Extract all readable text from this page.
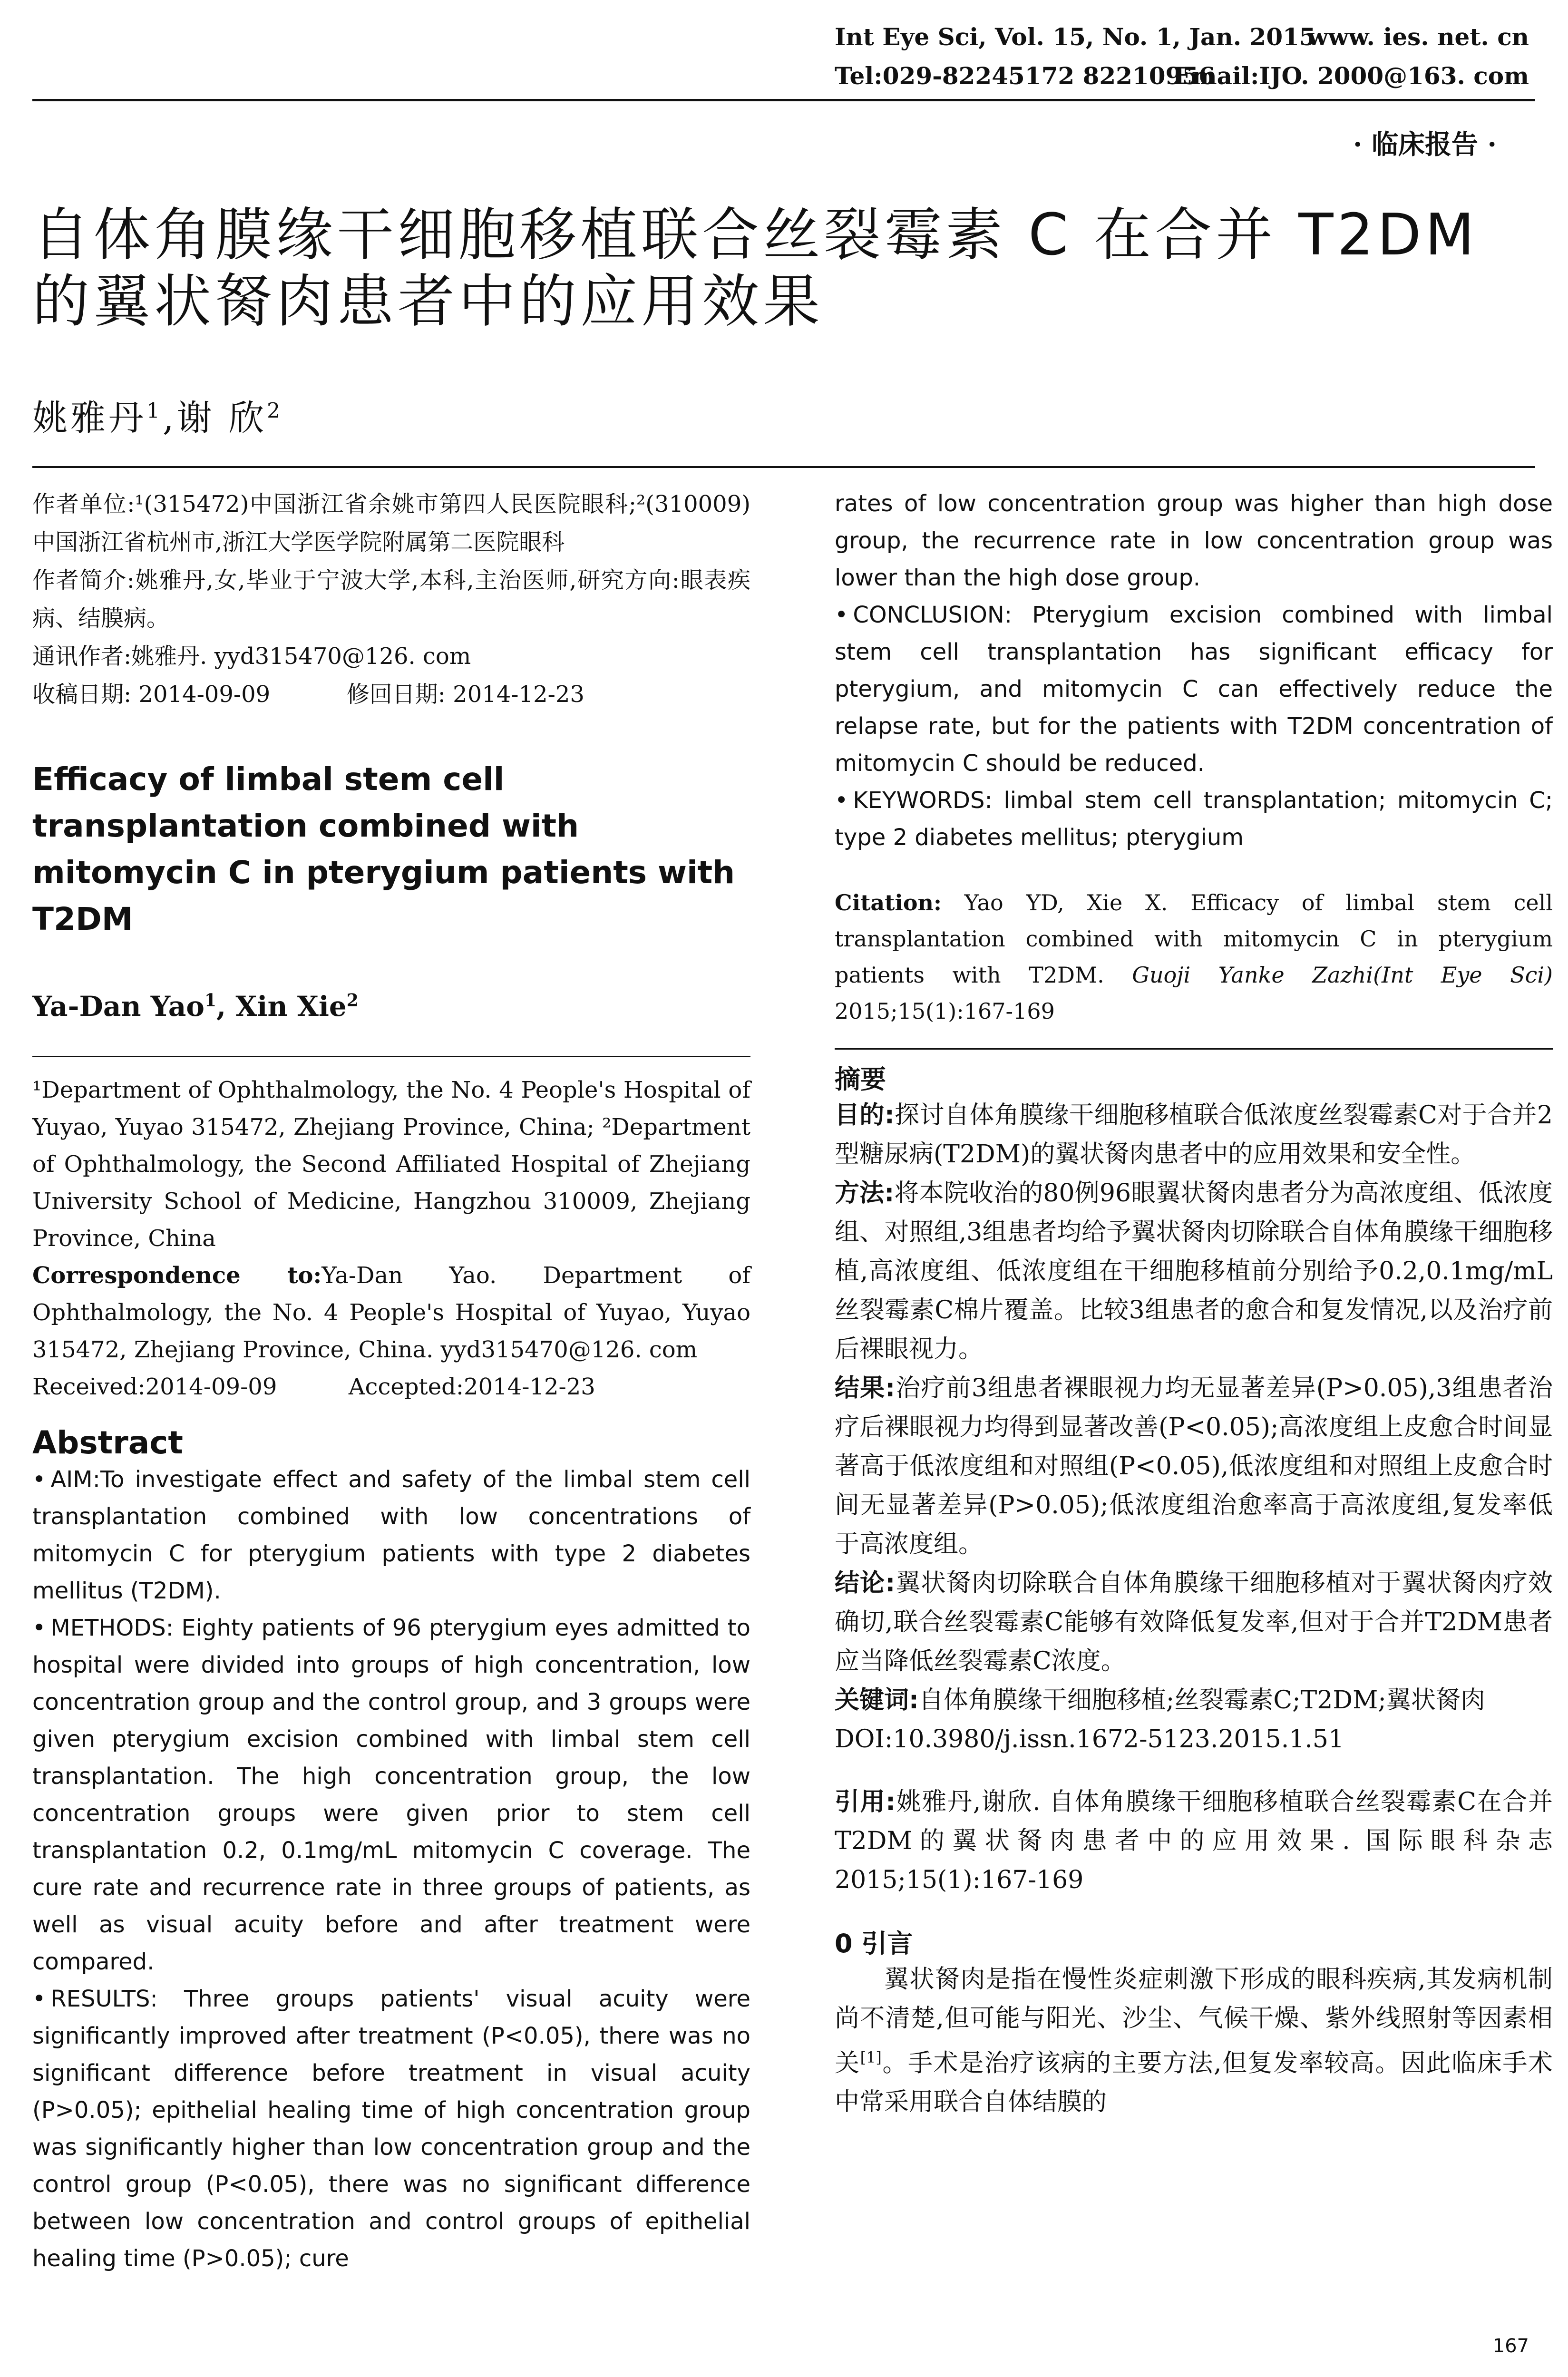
Int Eye Sci, Vol. 15, No. 1, Jan. 2015
www. ies. net. cn
Tel:029-82245172 82210956
Email:IJO. 2000@163. com
· 临床报告 ·
自体角膜缘干细胞移植联合丝裂霉素 C 在合并 T2DM 的翼状胬肉患者中的应用效果
姚雅丹$^1$,谢 欣$^2$

作者单位:¹(315472)中国浙江省余姚市第四人民医院眼科;²(310009)中国浙江省杭州市,浙江大学医学院附属第二医院眼科

作者简介:姚雅丹,女,毕业于宁波大学,本科,主治医师,研究方向:眼表疾病、结膜病。

通讯作者:姚雅丹. yyd315470@126. com

收稿日期: 2014-09-09	修回日期: 2014-12-23

Efficacy of limbal stem cell transplantation combined with mitomycin C in pterygium patients with T2DM

Ya-Dan Yao$^1$, Xin Xie$^2$

¹Department of Ophthalmology, the No. 4 People's Hospital of Yuyao, Yuyao 315472, Zhejiang Province, China; ²Department of Ophthalmology, the Second Affiliated Hospital of Zhejiang University School of Medicine, Hangzhou 310009, Zhejiang Province, China

Correspondence to:Ya-Dan Yao. Department of Ophthalmology, the No. 4 People's Hospital of Yuyao, Yuyao 315472, Zhejiang Province, China. yyd315470@126. com

Received:2014-09-09	Accepted:2014-12-23

Abstract

• AIM:To investigate effect and safety of the limbal stem cell transplantation combined with low concentrations of mitomycin C for pterygium patients with type 2 diabetes mellitus (T2DM).

• METHODS: Eighty patients of 96 pterygium eyes admitted to hospital were divided into groups of high concentration, low concentration group and the control group, and 3 groups were given pterygium excision combined with limbal stem cell transplantation. The high concentration group, the low concentration groups were given prior to stem cell transplantation 0.2, 0.1mg/mL mitomycin C coverage. The cure rate and recurrence rate in three groups of patients, as well as visual acuity before and after treatment were compared.

• RESULTS: Three groups patients' visual acuity were significantly improved after treatment (P<0.05), there was no significant difference before treatment in visual acuity (P>0.05); epithelial healing time of high concentration group was significantly higher than low concentration group and the control group (P<0.05), there was no significant difference between low concentration and control groups of epithelial healing time (P>0.05); cure

rates of low concentration group was higher than high dose group, the recurrence rate in low concentration group was lower than the high dose group.

• CONCLUSION: Pterygium excision combined with limbal stem cell transplantation has significant efficacy for pterygium, and mitomycin C can effectively reduce the relapse rate, but for the patients with T2DM concentration of mitomycin C should be reduced.

• KEYWORDS: limbal stem cell transplantation; mitomycin C; type 2 diabetes mellitus; pterygium

Citation: Yao YD, Xie X. Efficacy of limbal stem cell transplantation combined with mitomycin C in pterygium patients with T2DM. Guoji Yanke Zazhi(Int Eye Sci) 2015;15(1):167-169

摘要

目的:探讨自体角膜缘干细胞移植联合低浓度丝裂霉素C对于合并2型糖尿病(T2DM)的翼状胬肉患者中的应用效果和安全性。

方法:将本院收治的80例96眼翼状胬肉患者分为高浓度组、低浓度组、对照组,3组患者均给予翼状胬肉切除联合自体角膜缘干细胞移植,高浓度组、低浓度组在干细胞移植前分别给予0.2,0.1mg/mL丝裂霉素C棉片覆盖。比较3组患者的愈合和复发情况,以及治疗前后裸眼视力。

结果:治疗前3组患者裸眼视力均无显著差异(P>0.05),3组患者治疗后裸眼视力均得到显著改善(P<0.05);高浓度组上皮愈合时间显著高于低浓度组和对照组(P<0.05),低浓度组和对照组上皮愈合时间无显著差异(P>0.05);低浓度组治愈率高于高浓度组,复发率低于高浓度组。

结论:翼状胬肉切除联合自体角膜缘干细胞移植对于翼状胬肉疗效确切,联合丝裂霉素C能够有效降低复发率,但对于合并T2DM患者应当降低丝裂霉素C浓度。

关键词:自体角膜缘干细胞移植;丝裂霉素C;T2DM;翼状胬肉

DOI:10.3980/j.issn.1672-5123.2015.1.51

引用:姚雅丹,谢欣. 自体角膜缘干细胞移植联合丝裂霉素C在合并T2DM的翼状胬肉患者中的应用效果. 国际眼科杂志 2015;15(1):167-169

0 引言

翼状胬肉是指在慢性炎症刺激下形成的眼科疾病,其发病机制尚不清楚,但可能与阳光、沙尘、气候干燥、紫外线照射等因素相关[1]。手术是治疗该病的主要方法,但复发率较高。因此临床手术中常采用联合自体结膜的

167
